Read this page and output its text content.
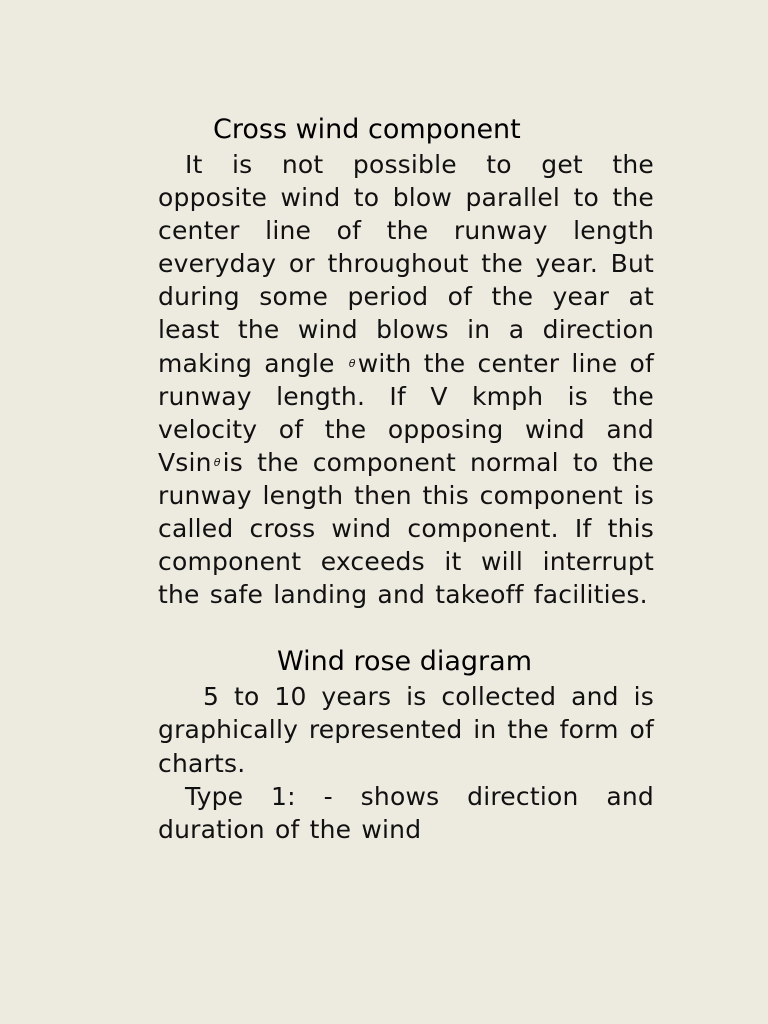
Cross wind component

It is not possible to get the opposite wind to blow parallel to the center line of the runway length everyday or throughout the year. But during some period of the year at least the wind blows in a direction making angle $^\theta$with the center line of runway length. If V kmph is the velocity of the opposing wind and Vsin $^\theta$is the component normal to the runway length then this component is called cross wind component. If this component exceeds it will interrupt the safe landing and takeoff facilities.

Wind rose diagram

5 to 10 years is collected and is graphically represented in the form of charts.

Type 1: - shows direction and duration of the wind
